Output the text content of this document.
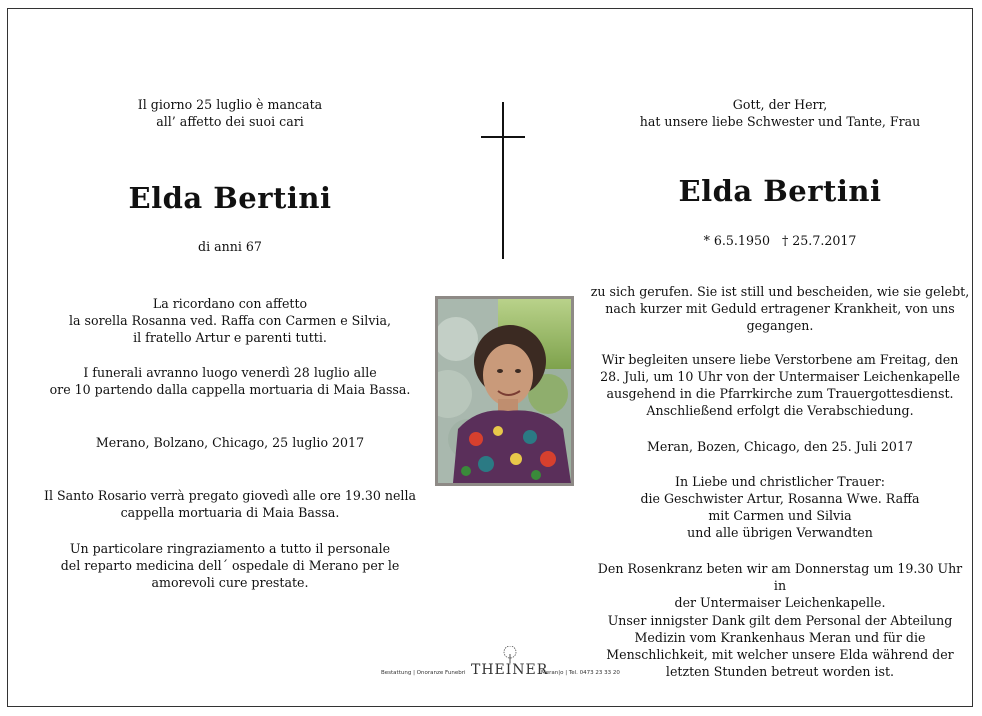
Il giorno 25 luglio è mancata

all’ affetto dei suoi cari

Elda Bertini

di anni 67

La ricordano con affetto

la sorella Rosanna ved. Raffa con Carmen e Silvia,

il fratello Artur e parenti tutti.

I funerali avranno luogo venerdì 28 luglio alle

ore 10 partendo dalla cappella mortuaria di Maia Bassa.

Merano, Bolzano, Chicago, 25 luglio 2017

Il Santo Rosario verrà pregato giovedì alle ore 19.30 nella

cappella mortuaria di Maia Bassa.

Un particolare ringraziamento a tutto il personale

del reparto medicina dell´ ospedale di Merano per le

amorevoli cure prestate.

Gott, der Herr,

hat unsere liebe Schwester und Tante, Frau

Elda Bertini

* 6.5.1950   † 25.7.2017

zu sich gerufen. Sie ist still und bescheiden, wie sie gelebt,

nach kurzer mit Geduld ertragener Krankheit, von uns

gegangen.

Wir begleiten unsere liebe Verstorbene am Freitag, den

28. Juli, um 10 Uhr von der Untermaiser Leichenkapelle

ausgehend in die Pfarrkirche zum Trauergottesdienst.

Anschließend erfolgt die Verabschiedung.

Meran, Bozen, Chicago, den 25. Juli 2017

In Liebe und christlicher Trauer:

die Geschwister Artur, Rosanna Wwe. Raffa

mit Carmen und Silvia

und alle übrigen Verwandten

Den Rosenkranz beten wir am Donnerstag um 19.30 Uhr in

der Untermaiser Leichenkapelle.

Unser innigster Dank gilt dem Personal der Abteilung

Medizin vom Krankenhaus Meran und für die

Menschlichkeit, mit welcher unsere Elda während der

letzten Stunden betreut worden ist.

Bestattung | Onoranze Funebri THEINER
Meran|o | Tel. 0473 23 33 20
